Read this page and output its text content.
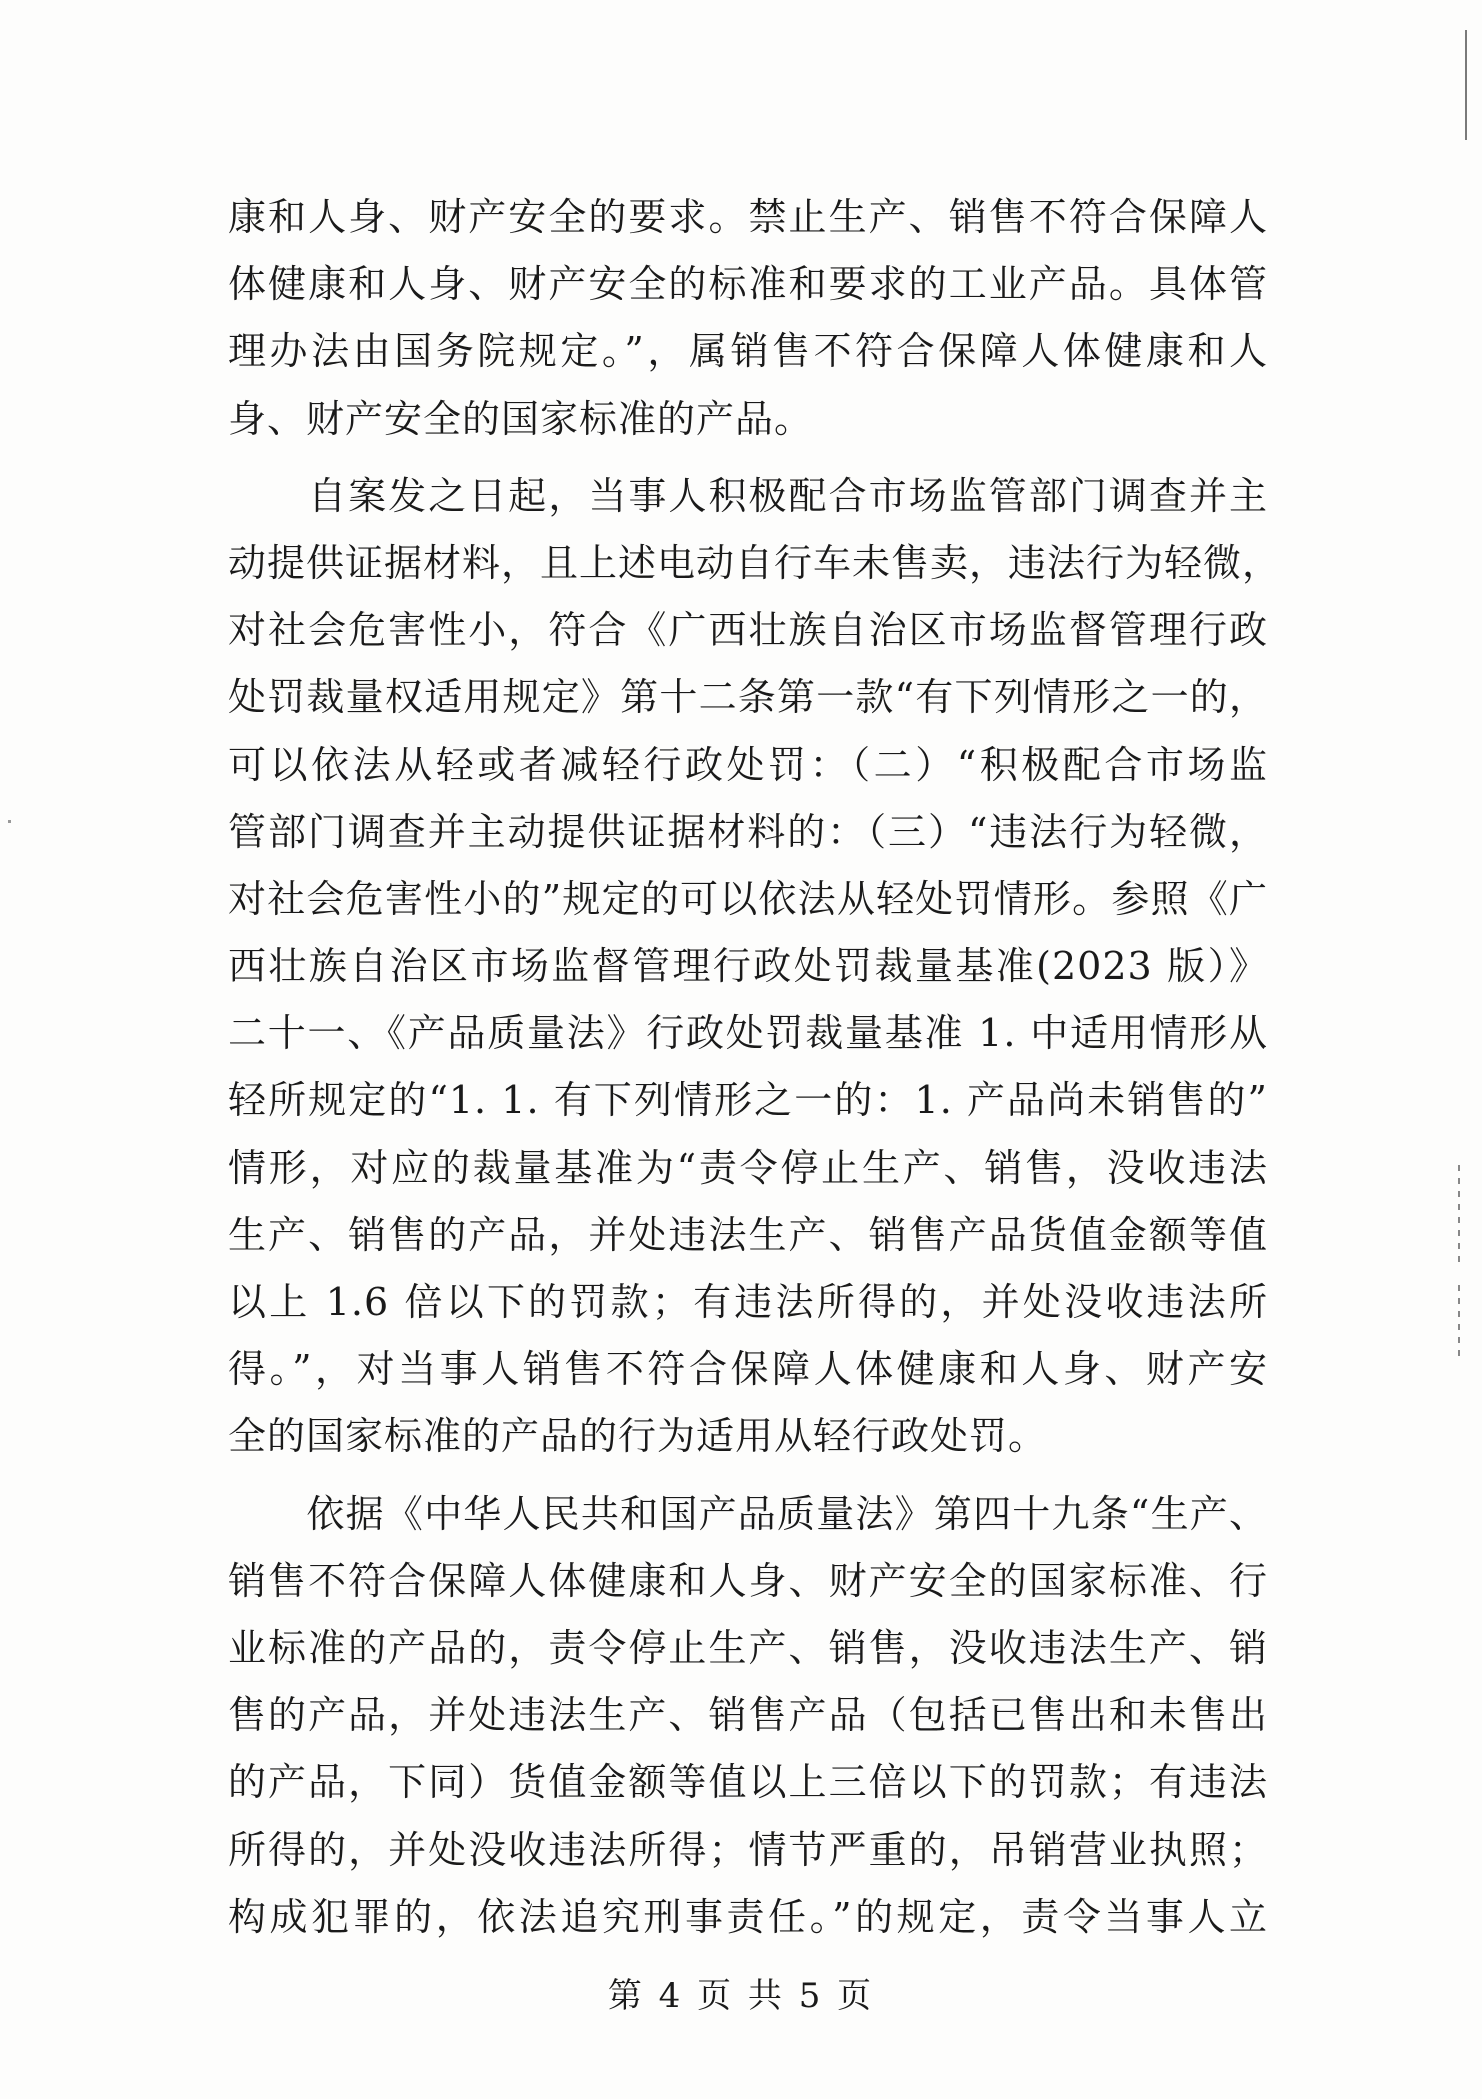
康和人身、财产安全的要求。禁止生产、销售不符合保障人
体健康和人身、财产安全的标准和要求的工业产品。具体管
理办法由国务院规定。”，属销售不符合保障人体健康和人
身、财产安全的国家标准的产品。
　　自案发之日起，当事人积极配合市场监管部门调查并主
动提供证据材料，且上述电动自行车未售卖，违法行为轻微，
对社会危害性小，符合《广西壮族自治区市场监督管理行政
处罚裁量权适用规定》第十二条第一款“有下列情形之一的，
可以依法从轻或者减轻行政处罚：（二）“积极配合市场监
管部门调查并主动提供证据材料的：（三）“违法行为轻微，
对社会危害性小的”规定的可以依法从轻处罚情形。参照《广
西壮族自治区市场监督管理行政处罚裁量基准(2023 版）》
二十一、《产品质量法》行政处罚裁量基准 1. 中适用情形从
轻所规定的“1. 1. 有下列情形之一的：1. 产品尚未销售的”
情形，对应的裁量基准为“责令停止生产、销售，没收违法
生产、销售的产品，并处违法生产、销售产品货值金额等值
以上 1.6 倍以下的罚款；有违法所得的，并处没收违法所
得。”，对当事人销售不符合保障人体健康和人身、财产安
全的国家标准的产品的行为适用从轻行政处罚。
　　依据《中华人民共和国产品质量法》第四十九条“生产、
销售不符合保障人体健康和人身、财产安全的国家标准、行
业标准的产品的，责令停止生产、销售，没收违法生产、销
售的产品，并处违法生产、销售产品（包括已售出和未售出
的产品，下同）货值金额等值以上三倍以下的罚款；有违法
所得的，并处没收违法所得；情节严重的，吊销营业执照；
构成犯罪的，依法追究刑事责任。”的规定，责令当事人立
第 4 页 共 5 页
